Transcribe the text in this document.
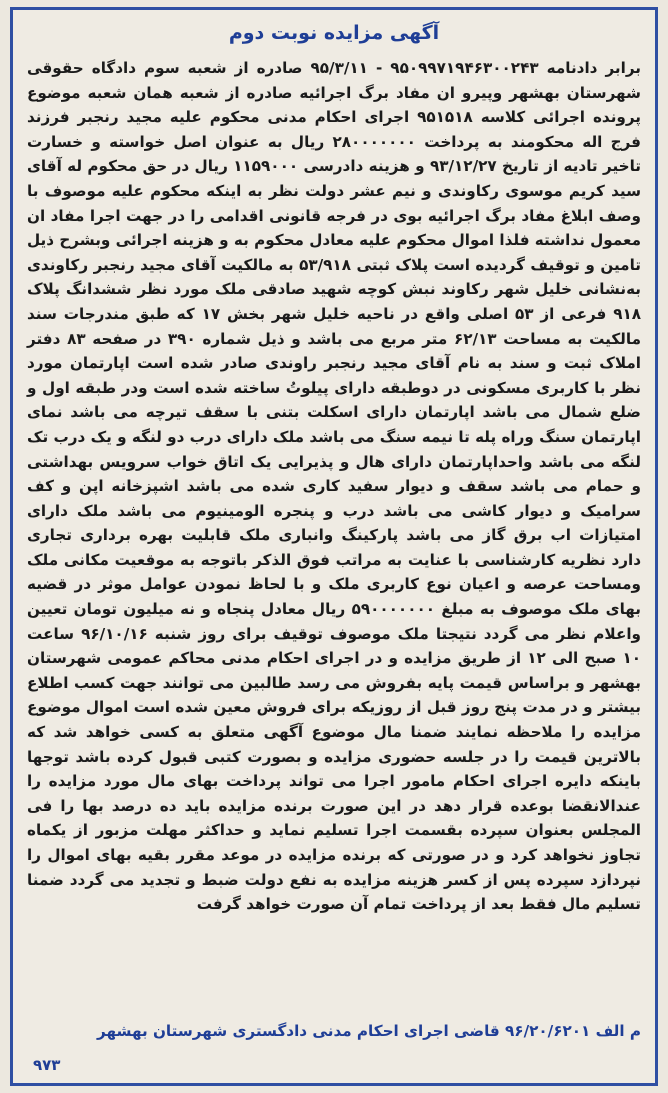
آگهی مزایده نوبت دوم
برابر دادنامه ۹۵۰۹۹۷۱۹۴۶۳۰۰۲۴۳ - ۹۵/۳/۱۱ صادره از شعبه سوم دادگاه حقوقی شهرستان بهشهر وپیرو ان مفاد برگ اجرائیه صادره از شعبه همان شعبه موضوع پرونده اجرائی کلاسه ۹۵۱۵۱۸ اجرای احکام مدنی محکوم علیه مجید رنجبر فرزند فرج اله محکومند به پرداخت ۲۸۰۰۰۰۰۰۰ ریال به عنوان اصل خواسته و خسارت تاخیر تادیه از تاریخ ۹۳/۱۲/۲۷ و هزینه دادرسی ۱۱۵۹۰۰۰ ریال در حق محکوم له آقای سید کریم موسوی رکاوندی و نیم عشر دولت نظر به اینکه محکوم علیه موصوف با وصف ابلاغ مفاد برگ اجرائیه بوی در فرجه قانونی اقدامی را در جهت اجرا مفاد ان معمول نداشته فلذا اموال محکوم علیه معادل محکوم به و هزینه اجرائی وبشرح ذیل تامین و توقیف گردیده است پلاک ثبتی ۵۳/۹۱۸ به مالکیت آقای مجید رنجبر رکاوندی به‌نشانی خلیل شهر رکاوند نبش کوچه شهید صادقی ملک مورد نظر ششدانگ پلاک ۹۱۸ فرعی از ۵۳ اصلی واقع در ناحیه خلیل شهر بخش ۱۷ که طبق مندرجات سند مالکیت به مساحت ۶۲/۱۳ متر مربع می باشد و ذیل شماره ۳۹۰ در صفحه ۸۳ دفتر املاک ثبت و سند به نام آقای مجید رنجبر راوندی صادر شده است اپارتمان مورد نظر با کاربری مسکونی در دوطبقه دارای پیلوتُ ساخته شده است ودر طبقه اول و ضلع شمال می باشد اپارتمان دارای اسکلت بتنی با سقف تیرچه می باشد نمای اپارتمان سنگ وراه پله تا نیمه سنگ می باشد ملک دارای درب دو لنگه و یک درب تک لنگه می باشد واحداپارتمان دارای هال و پذیرایی یک اتاق خواب سرویس بهداشتی و حمام می باشد سقف و دیوار سفید کاری شده می باشد اشپزخانه اپن و کف سرامیک و دیوار کاشی می باشد درب و پنجره الومینیوم می باشد ملک دارای امتیازات اب برق گاز می باشد پارکینگ وانباری ملک قابلیت بهره برداری تجاری دارد نظریه کارشناسی با عنایت به مراتب فوق الذکر باتوجه به موقعیت مکانی ملک ومساحت عرصه و اعیان نوع کاربری ملک و با لحاظ نمودن عوامل موثر در قضیه بهای ملک موصوف به مبلغ ۵۹۰۰۰۰۰۰۰ ریال معادل پنجاه و نه میلیون تومان تعیین واعلام نظر می گردد نتیجتا ملک موصوف توقیف برای روز شنبه ۹۶/۱۰/۱۶ ساعت ۱۰ صبح الی ۱۲ از طریق مزایده و در اجرای احکام مدنی محاکم عمومی شهرستان بهشهر و براساس قیمت پایه بفروش می رسد طالبین می توانند جهت کسب اطلاع بیشتر و در مدت پنج روز قبل از روزیکه برای فروش معین شده است اموال موضوع مزایده را ملاحظه نمایند ضمنا مال موضوع آگهی متعلق به کسی خواهد شد که بالاترین قیمت را در جلسه حضوری مزایده و بصورت کتبی قبول کرده باشد توجها باینکه دایره اجرای احکام مامور اجرا می تواند پرداخت بهای مال مورد مزایده را عندالانقضا بوعده قرار دهد در این صورت برنده مزایده باید ده درصد بها را فی المجلس بعنوان سپرده بقسمت اجرا تسلیم نماید و حداکثر مهلت مزبور از یکماه تجاوز نخواهد کرد و در صورتی که برنده مزایده در موعد مقرر بقیه بهای اموال را نپردازد سپرده پس از کسر هزینه مزایده به نفع دولت ضبط و تجدید می گردد ضمنا تسلیم مال فقط بعد از پرداخت تمام آن صورت خواهد گرفت
م الف ۹۶/۲۰/۶۲۰۱ قاضی اجرای احکام مدنی دادگستری شهرستان بهشهر
۹۷۳
